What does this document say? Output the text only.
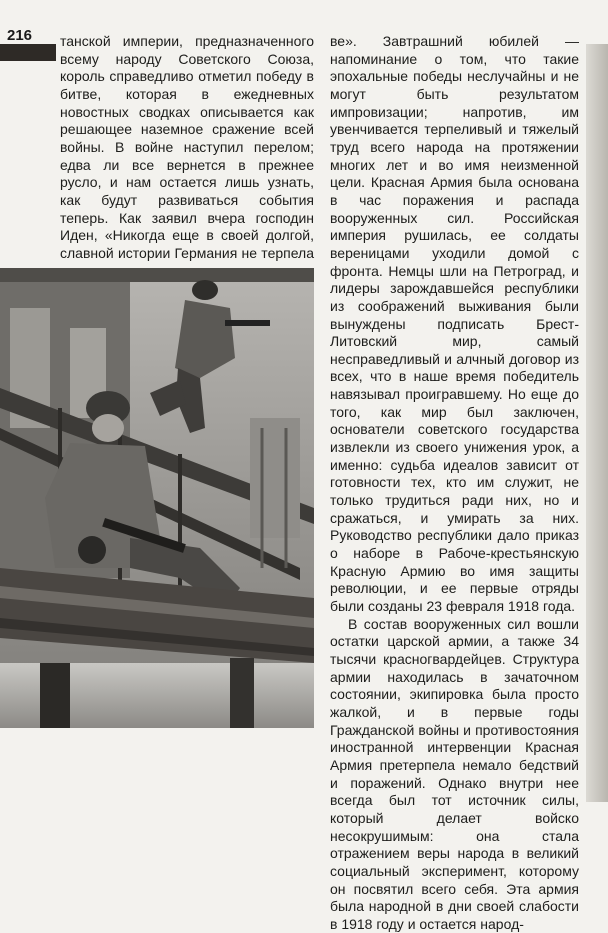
216 танской империи, предназначенного всему народу Советского Союза, король справедливо отметил победу в битве, которая в ежедневных новостных сводках описывается как решающее наземное сражение всей войны. В войне наступил перелом; едва ли все вернется в прежнее русло, и нам остается лишь узнать, как будут развиваться события теперь. Как заявил вчера господин Иден, «Никогда еще в своей долгой, славной истории Германия не терпела

ве». Завтрашний юбилей — напоминание о том, что такие эпохальные победы неслучайны и не могут быть результатом импровизации; напротив, им увенчивается терпеливый и тяжелый труд всего народа на протяжении многих лет и во имя неизменной цели. Красная Армия была основана в час поражения и распада вооруженных сил. Российская империя рушилась, ее солдаты вереницами уходили домой с фронта. Немцы шли на Петроград, и лидеры зарождавшейся республики из соображений выживания были вынуждены подписать Брест-Литовский мир, самый несправедливый и алчный договор из всех, что в наше время победитель навязывал проигравшему. Но еще до того, как мир был заключен, основатели советского государства извлекли из своего унижения урок, а именно: судьба идеалов зависит от готовности тех, кто им служит, не только трудиться ради них, но и сражаться, и умирать за них. Руководство республики дало приказ о наборе в Рабоче-крестьянскую Красную Армию во имя защиты революции, и ее первые отряды были созданы 23 февраля 1918 года.

В состав вооруженных сил вошли остатки царской армии, а также 34 тысячи красногвардейцев. Структура армии находилась в зачаточном состоянии, экипировка была просто жалкой, и в первые годы Гражданской войны и противостояния иностранной интервенции Красная Армия претерпела немало бедствий и поражений. Однако внутри нее всегда был тот источник силы, который делает войско несокрушимым: она стала отражением веры народа в великий социальный эксперимент, которому он посвятил всего себя. Эта армия была народной в дни своей слабости в 1918 году и остается народ-
